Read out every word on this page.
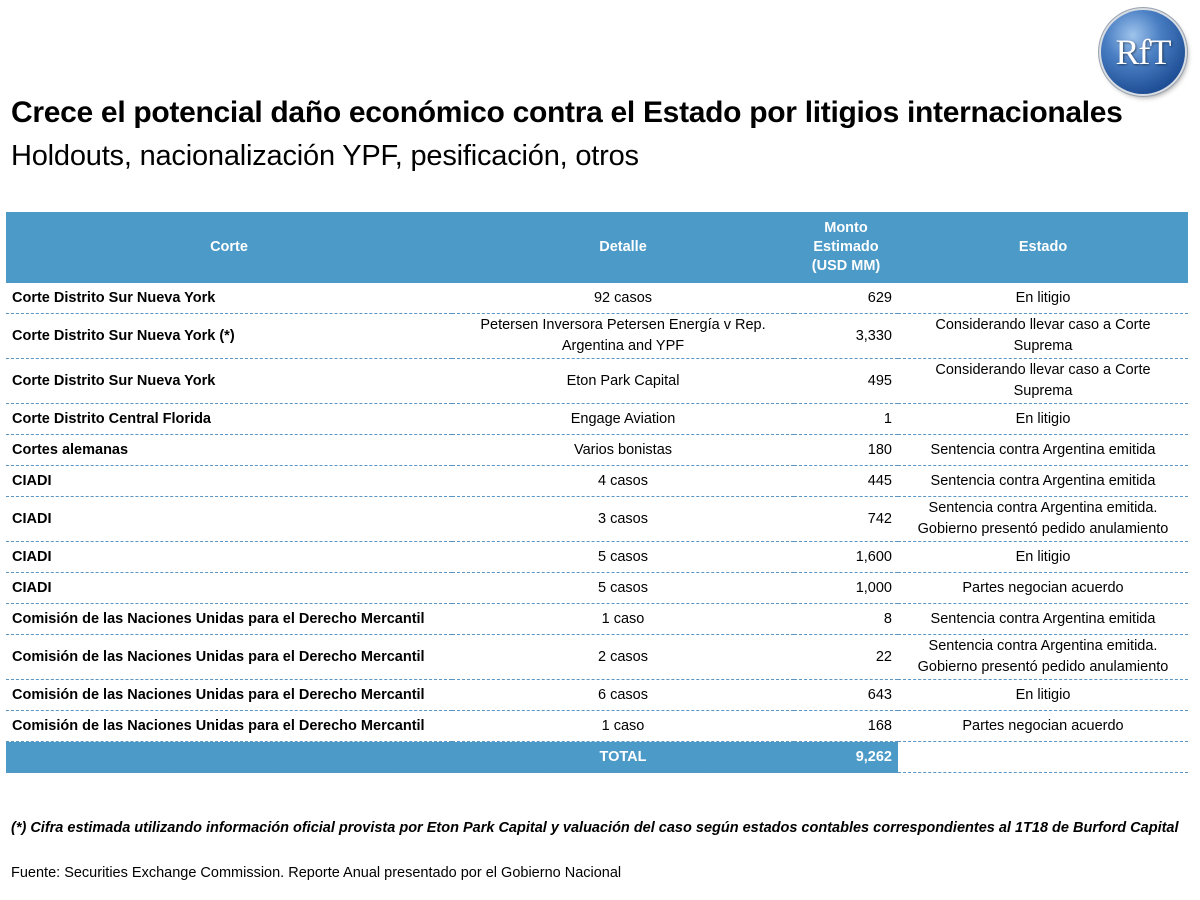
RfT
Crece el potencial daño económico contra el Estado por litigios internacionales
Holdouts, nacionalización YPF, pesificación, otros
Corte	Detalle	Monto Estimado (USD MM)	Estado
Corte Distrito Sur Nueva York	92 casos	629	En litigio
Corte Distrito Sur Nueva York (*)	Petersen Inversora Petersen Energía v Rep. Argentina and YPF	3,330	Considerando llevar caso a Corte Suprema
Corte Distrito Sur Nueva York	Eton Park Capital	495	Considerando llevar caso a Corte Suprema
Corte Distrito Central Florida	Engage Aviation	1	En litigio
Cortes alemanas	Varios bonistas	180	Sentencia contra Argentina emitida
CIADI	4 casos	445	Sentencia contra Argentina emitida
CIADI	3 casos	742	Sentencia contra Argentina emitida. Gobierno presentó pedido anulamiento
CIADI	5 casos	1,600	En litigio
CIADI	5 casos	1,000	Partes negocian acuerdo
Comisión de las Naciones Unidas para el Derecho Mercantil	1 caso	8	Sentencia contra Argentina emitida
Comisión de las Naciones Unidas para el Derecho Mercantil	2 casos	22	Sentencia contra Argentina emitida. Gobierno presentó pedido anulamiento
Comisión de las Naciones Unidas para el Derecho Mercantil	6 casos	643	En litigio
Comisión de las Naciones Unidas para el Derecho Mercantil	1 caso	168	Partes negocian acuerdo
	TOTAL	9,262	

(*) Cifra estimada utilizando información oficial provista por Eton Park Capital y valuación del caso según estados contables correspondientes al 1T18 de Burford Capital

Fuente: Securities Exchange Commission. Reporte Anual presentado por el Gobierno Nacional
